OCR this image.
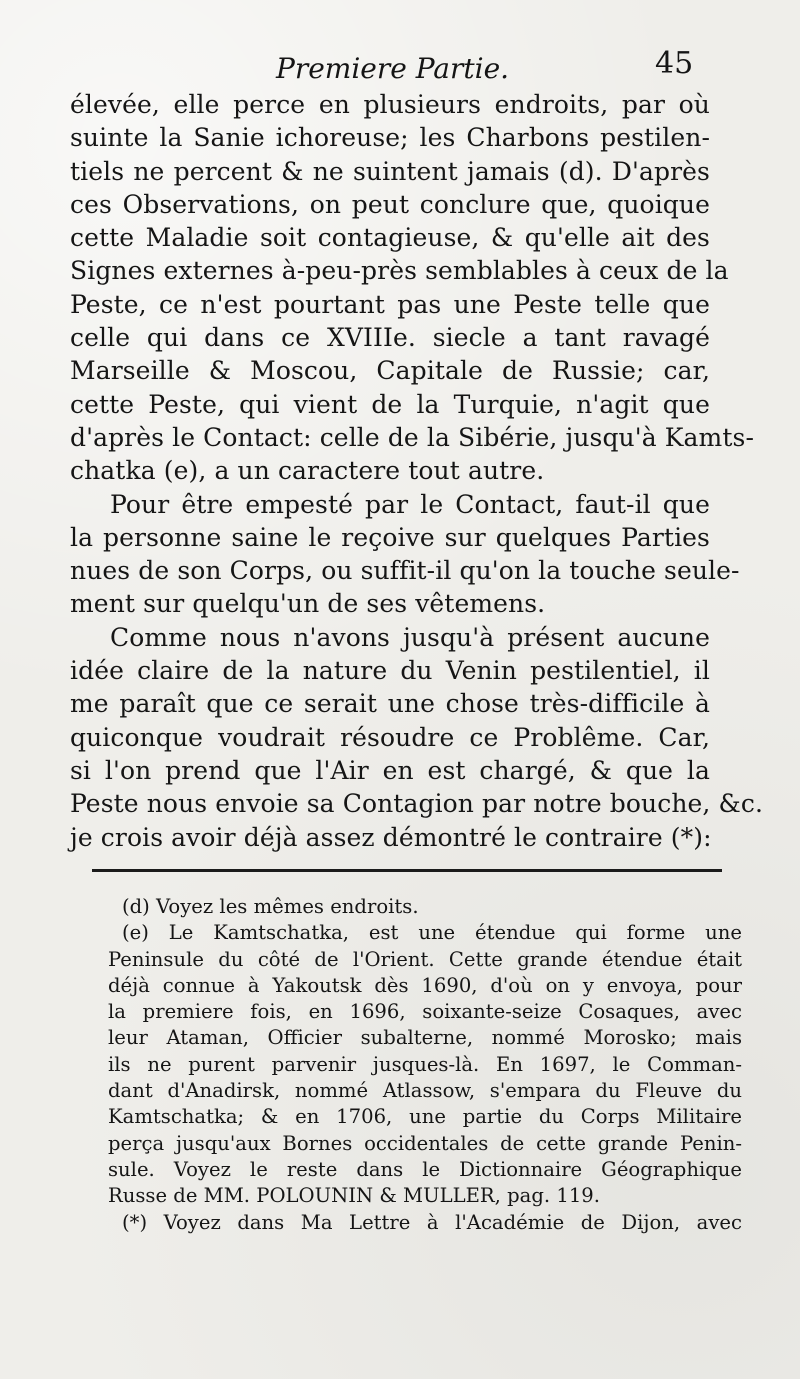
Premiere Partie.	45
élevée, elle perce en plusieurs endroits, par où
suinte la Sanie ichoreuse; les Charbons pestilen-
tiels ne percent & ne suintent jamais (d). D'après
ces Observations, on peut conclure que, quoique
cette Maladie soit contagieuse, & qu'elle ait des
Signes externes à-peu-près semblables à ceux de la
Peste, ce n'est pourtant pas une Peste telle que
celle qui dans ce XVIIIe. siecle a tant ravagé
Marseille & Moscou, Capitale de Russie; car,
cette Peste, qui vient de la Turquie, n'agit que
d'après le Contact: celle de la Sibérie, jusqu'à Kamts-
chatka (e), a un caractere tout autre.
Pour être empesté par le Contact, faut-il que
la personne saine le reçoive sur quelques Parties
nues de son Corps, ou suffit-il qu'on la touche seule-
ment sur quelqu'un de ses vêtemens.
Comme nous n'avons jusqu'à présent aucune
idée claire de la nature du Venin pestilentiel, il
me paraît que ce serait une chose très-difficile à
quiconque voudrait résoudre ce Problême. Car,
si l'on prend que l'Air en est chargé, & que la
Peste nous envoie sa Contagion par notre bouche, &c.
je crois avoir déjà assez démontré le contraire (*):
(d) Voyez les mêmes endroits.
(e) Le Kamtschatka, est une étendue qui forme une
Peninsule du côté de l'Orient. Cette grande étendue était
déjà connue à Yakoutsk dès 1690, d'où on y envoya, pour
la premiere fois, en 1696, soixante-seize Cosaques, avec
leur Ataman, Officier subalterne, nommé Morosko; mais
ils ne purent parvenir jusques-là. En 1697, le Comman-
dant d'Anadirsk, nommé Atlassow, s'empara du Fleuve du
Kamtschatka; & en 1706, une partie du Corps Militaire
perça jusqu'aux Bornes occidentales de cette grande Penin-
sule. Voyez le reste dans le Dictionnaire Géographique
Russe de MM. POLOUNIN & MULLER, pag. 119.
(*) Voyez dans Ma Lettre à l'Académie de Dijon, avec
